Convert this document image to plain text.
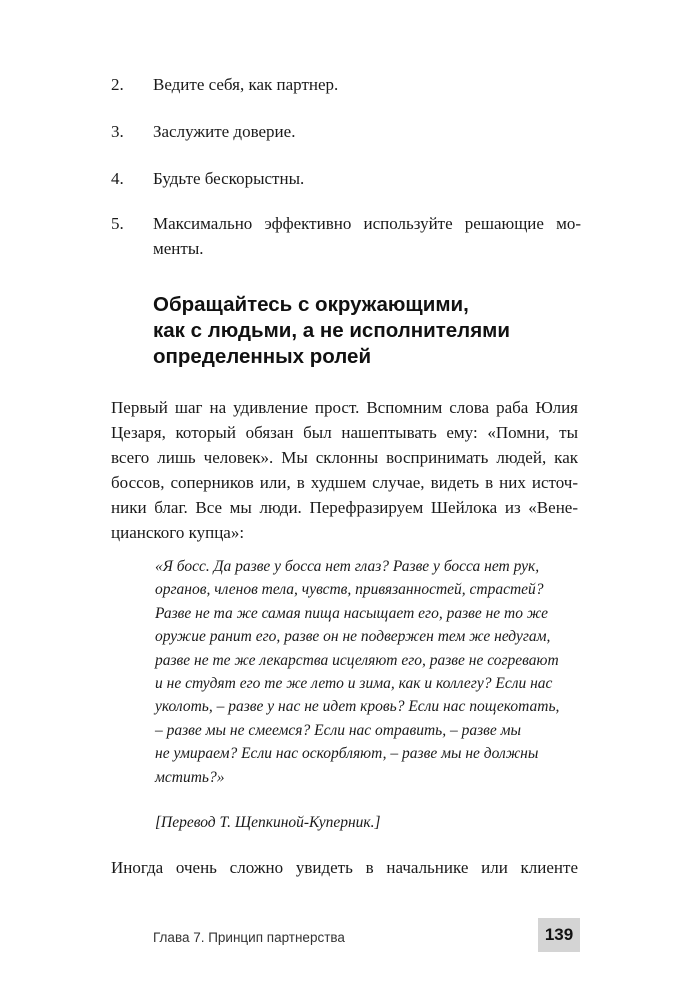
2. Ведите себя, как партнер.
3. Заслужите доверие.
4. Будьте бескорыстны.
5. Максимально эффективно используйте решающие мо-
менты.
Обращайтесь с окружающими,
как с людьми, а не исполнителями
определенных ролей
Первый шаг на удивление прост. Вспомним слова раба Юлия
Цезаря, который обязан был нашептывать ему: «Помни, ты
всего лишь человек». Мы склонны воспринимать людей, как
боссов, соперников или, в худшем случае, видеть в них источ-
ники благ. Все мы люди. Перефразируем Шейлока из «Вене-
цианского купца»:
«Я босс. Да разве у босса нет глаз? Разве у босса нет рук,
органов, членов тела, чувств, привязанностей, страстей?
Разве не та же самая пища насыщает его, разве не то же
оружие ранит его, разве он не подвержен тем же недугам,
разве не те же лекарства исцеляют его, разве не согревают
и не студят его те же лето и зима, как и коллегу? Если нас
уколоть, – разве у нас не идет кровь? Если нас пощекотать,
– разве мы не смеемся? Если нас отравить, – разве мы
не умираем? Если нас оскорбляют, – разве мы не должны
мстить?»
[Перевод Т. Щепкиной-Куперник.]
Иногда очень сложно увидеть в начальнике или клиенте
Глава 7. Принцип партнерства	139
